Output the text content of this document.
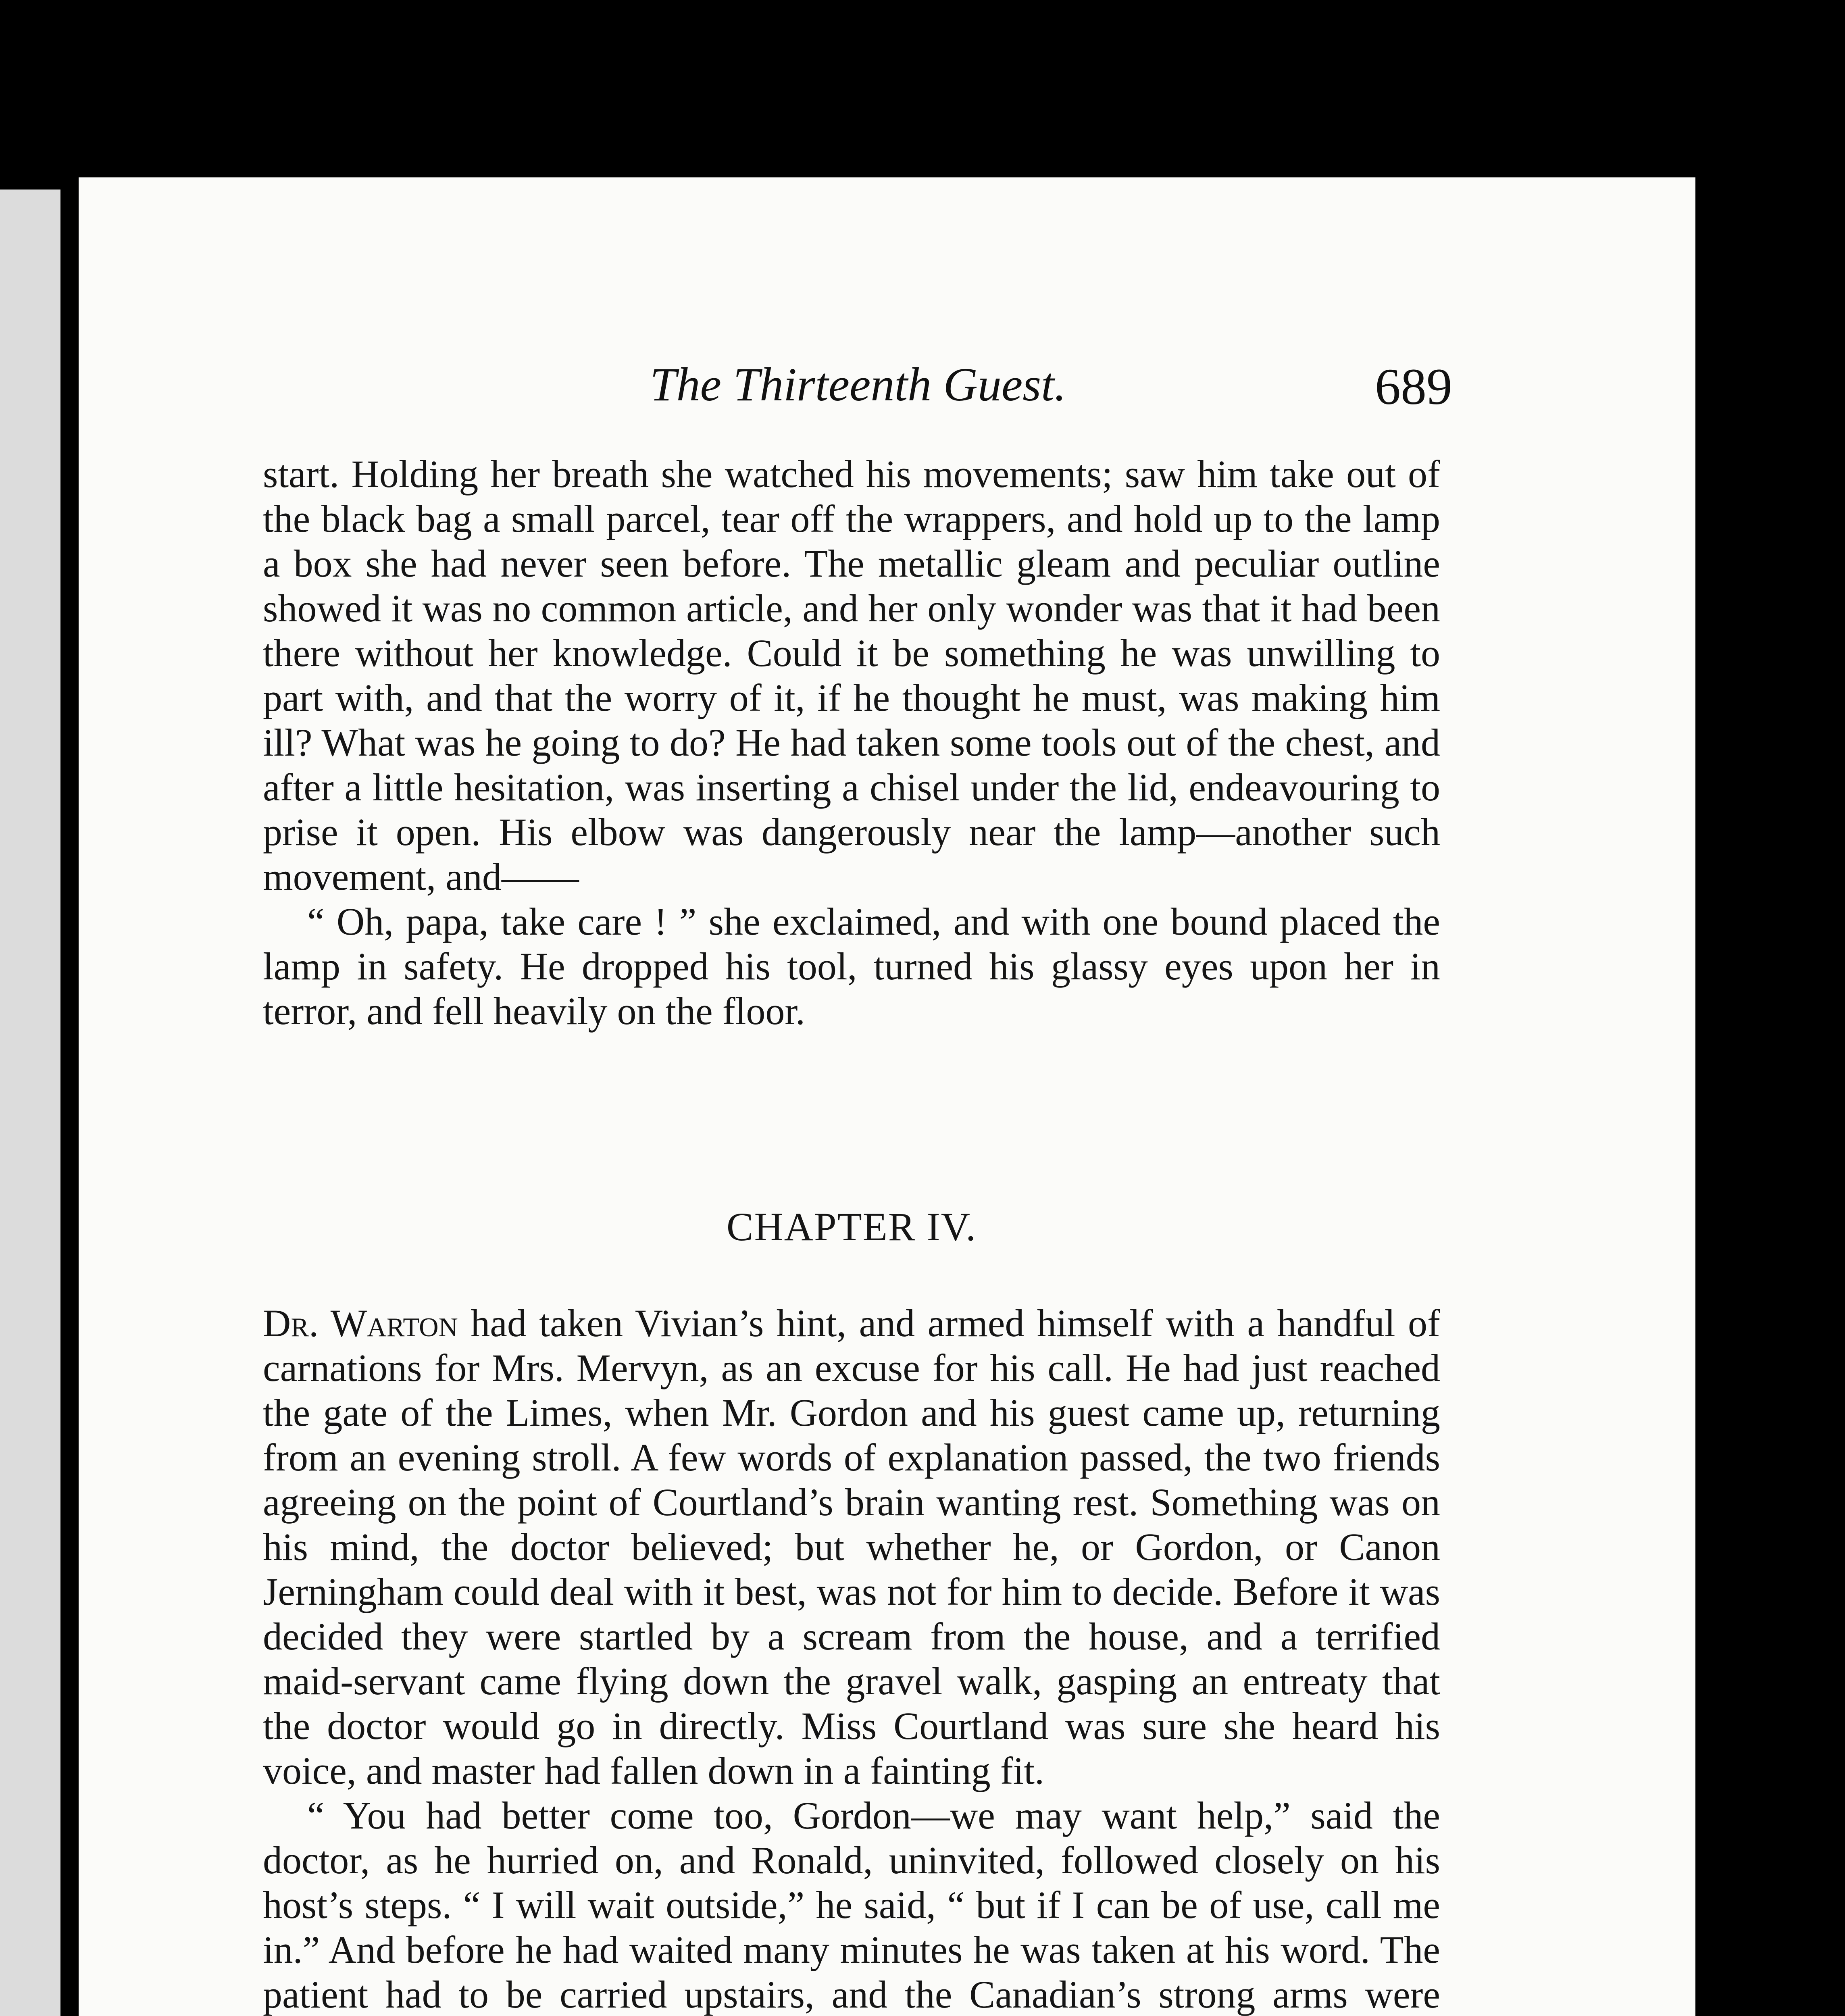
The Thirteenth Guest.	689

start. Holding her breath she watched his movements; saw him take out of the black bag a small parcel, tear off the wrappers, and hold up to the lamp a box she had never seen before. The metallic gleam and peculiar outline showed it was no common article, and her only wonder was that it had been there without her knowledge. Could it be something he was unwilling to part with, and that the worry of it, if he thought he must, was making him ill? What was he going to do? He had taken some tools out of the chest, and after a little hesitation, was inserting a chisel under the lid, endeavouring to prise it open. His elbow was dangerously near the lamp—another such movement, and——

“ Oh, papa, take care ! ” she exclaimed, and with one bound placed the lamp in safety. He dropped his tool, turned his glassy eyes upon her in terror, and fell heavily on the floor.

CHAPTER IV.

Dr. Warton had taken Vivian’s hint, and armed himself with a handful of carnations for Mrs. Mervyn, as an excuse for his call. He had just reached the gate of the Limes, when Mr. Gordon and his guest came up, returning from an evening stroll. A few words of explanation passed, the two friends agreeing on the point of Courtland’s brain wanting rest. Something was on his mind, the doctor believed; but whether he, or Gordon, or Canon Jerningham could deal with it best, was not for him to decide. Before it was decided they were startled by a scream from the house, and a terrified maid-servant came flying down the gravel walk, gasping an entreaty that the doctor would go in directly. Miss Courtland was sure she heard his voice, and master had fallen down in a fainting fit.

“ You had better come too, Gordon—we may want help,” said the doctor, as he hurried on, and Ronald, uninvited, followed closely on his host’s steps. “ I will wait outside,” he said, “ but if I can be of use, call me in.” And before he had waited many minutes he was taken at his word. The patient had to be carried upstairs, and the Canadian’s strong arms were
